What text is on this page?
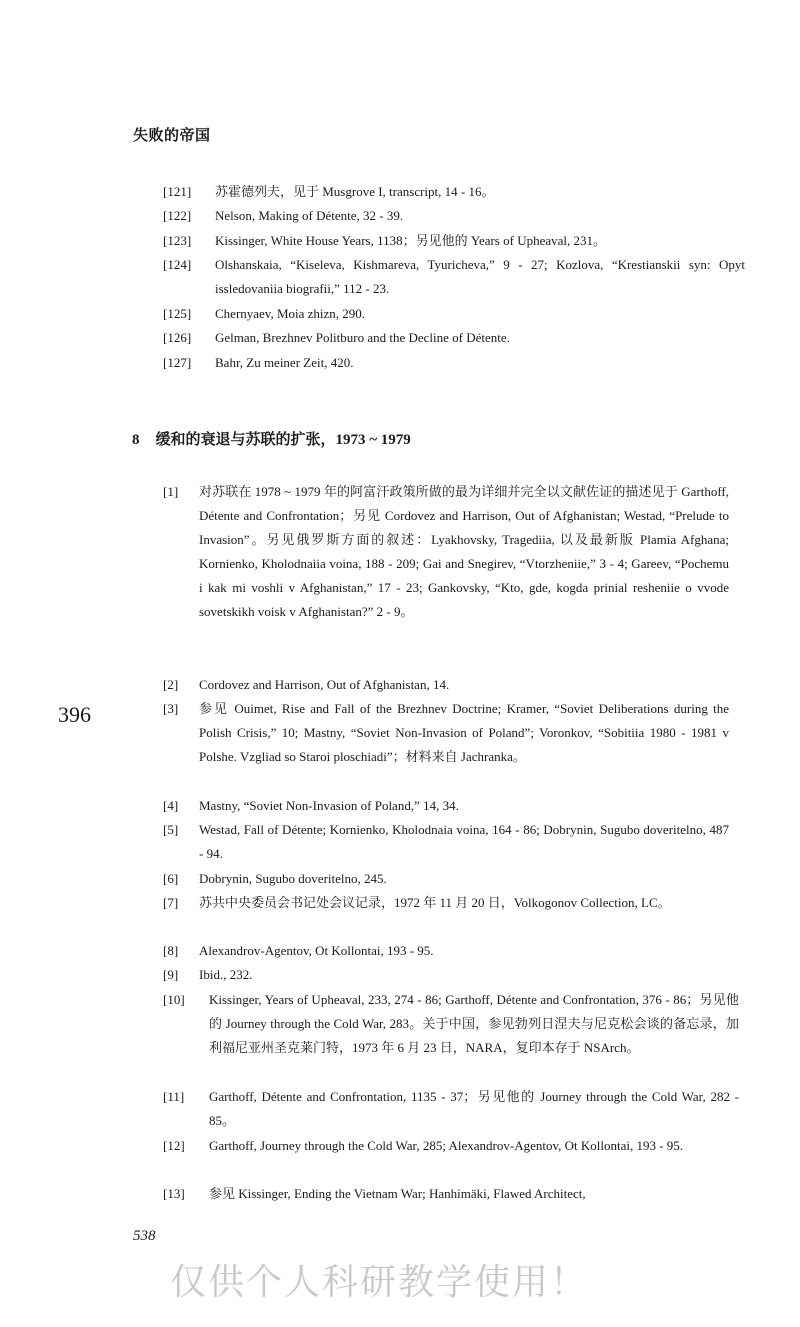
失败的帝国
396
[121] 苏霍德列夫，见于 Musgrove I, transcript, 14 - 16。
[122] Nelson, Making of Détente, 32 - 39.
[123] Kissinger, White House Years, 1138；另见他的 Years of Upheaval, 231。
[124] Olshanskaia, “Kiseleva, Kishmareva, Tyuricheva,” 9 - 27; Kozlova, “Krestianskii syn: Opyt issledovaniia biografii,” 112 - 23.
[125] Chernyaev, Moia zhizn, 290.
[126] Gelman, Brezhnev Politburo and the Decline of Détente.
[127] Bahr, Zu meiner Zeit, 420.
8 缓和的衰退与苏联的扩张，1973 ~ 1979
[1] 对苏联在 1978 ~ 1979 年的阿富汗政策所做的最为详细并完全以文献佐证的描述见于 Garthoff, Détente and Confrontation；另见 Cordovez and Harrison, Out of Afghanistan; Westad, “Prelude to Invasion”。另见俄罗斯方面的叙述：Lyakhovsky, Tragediia, 以及最新版 Plamia Afghana; Kornienko, Kholodnaiia voina, 188 - 209; Gai and Snegirev, “Vtorzheniie,” 3 - 4; Gareev, “Pochemu i kak mi voshli v Afghanistan,” 17 - 23; Gankovsky, “Kto, gde, kogda prinial resheniie o vvode sovetskikh voisk v Afghanistan?” 2 - 9。
[2] Cordovez and Harrison, Out of Afghanistan, 14.
[3] 参见 Ouimet, Rise and Fall of the Brezhnev Doctrine; Kramer, “Soviet Deliberations during the Polish Crisis,” 10; Mastny, “Soviet Non-Invasion of Poland”; Voronkov, “Sobitiia 1980 - 1981 v Polshe. Vzgliad so Staroi ploschiadi”；材料来自 Jachranka。
[4] Mastny, “Soviet Non-Invasion of Poland,” 14, 34.
[5] Westad, Fall of Détente; Kornienko, Kholodnaia voina, 164 - 86; Dobrynin, Sugubo doveritelno, 487 - 94.
[6] Dobrynin, Sugubo doveritelno, 245.
[7] 苏共中央委员会书记处会议记录，1972 年 11 月 20 日，Volkogonov Collection, LC。
[8] Alexandrov-Agentov, Ot Kollontai, 193 - 95.
[9] Ibid., 232.
[10] Kissinger, Years of Upheaval, 233, 274 - 86; Garthoff, Détente and Confrontation, 376 - 86；另见他的 Journey through the Cold War, 283。关于中国，参见勃列日涅夫与尼克松会谈的备忘录，加利福尼亚州圣克莱门特，1973 年 6 月 23 日，NARA，复印本存于 NSArch。
[11] Garthoff, Détente and Confrontation, 1135 - 37；另见他的 Journey through the Cold War, 282 - 85。
[12] Garthoff, Journey through the Cold War, 285; Alexandrov-Agentov, Ot Kollontai, 193 - 95.
[13] 参见 Kissinger, Ending the Vietnam War; Hanhimäki, Flawed Architect,
538
仅供个人科研教学使用！
